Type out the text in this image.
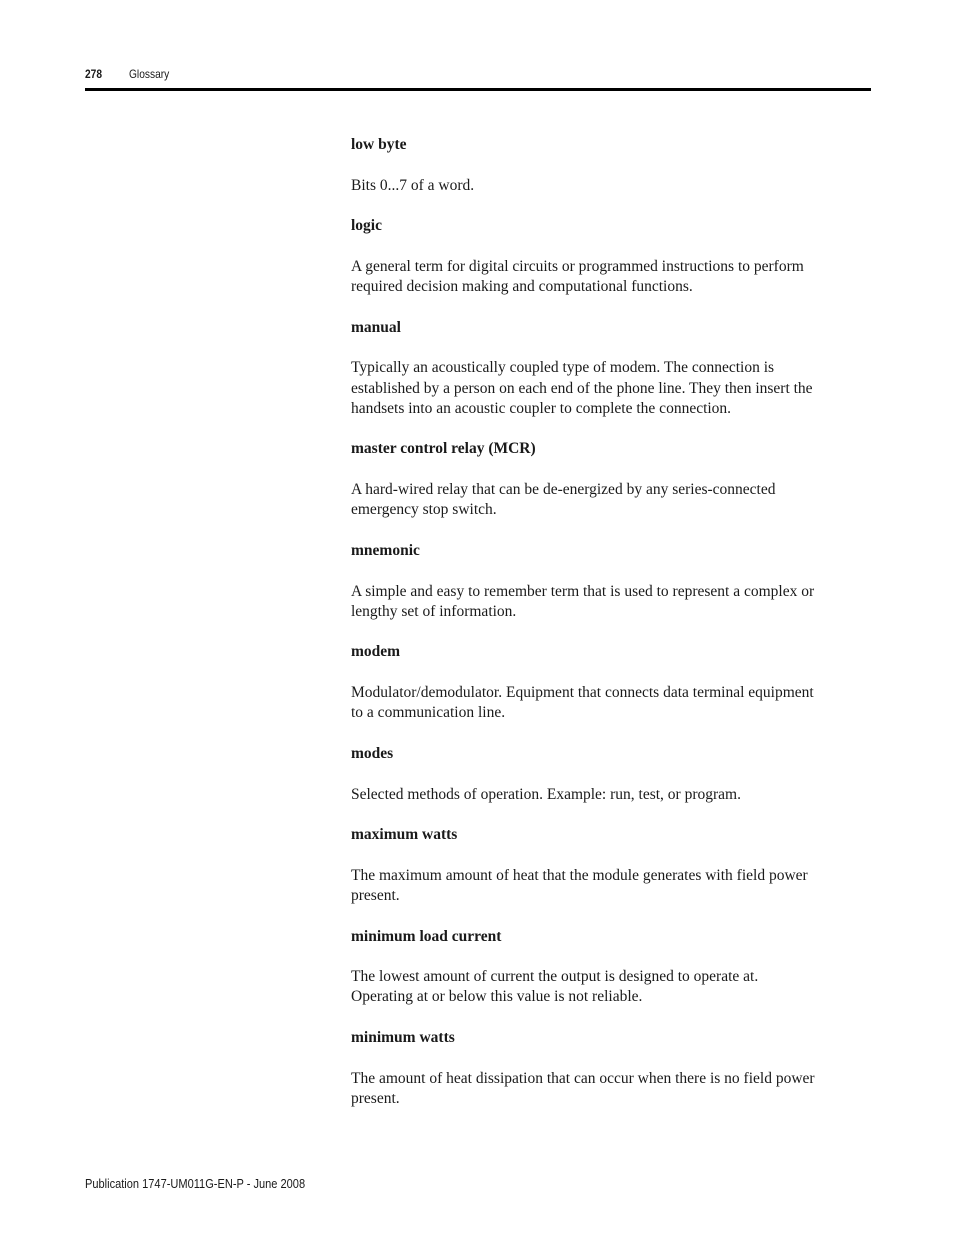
278 Glossary

low byte

Bits 0...7 of a word.

logic

A general term for digital circuits or programmed instructions to perform required decision making and computational functions.

manual

Typically an acoustically coupled type of modem. The connection is established by a person on each end of the phone line. They then insert the handsets into an acoustic coupler to complete the connection.

master control relay (MCR)

A hard-wired relay that can be de-energized by any series-connected emergency stop switch.

mnemonic

A simple and easy to remember term that is used to represent a complex or lengthy set of information.

modem

Modulator/demodulator. Equipment that connects data terminal equipment to a communication line.

modes

Selected methods of operation. Example: run, test, or program.

maximum watts

The maximum amount of heat that the module generates with field power present.

minimum load current

The lowest amount of current the output is designed to operate at. Operating at or below this value is not reliable.

minimum watts

The amount of heat dissipation that can occur when there is no field power present.

Publication 1747-UM011G-EN-P - June 2008
